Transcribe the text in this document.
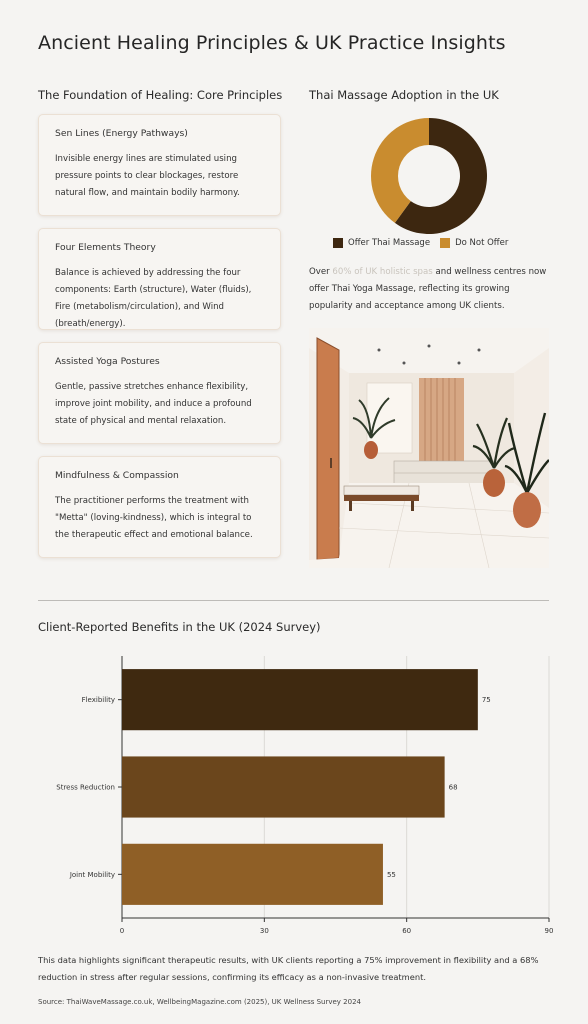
Ancient Healing Principles & UK Practice Insights
The Foundation of Healing: Core Principles
Sen Lines (Energy Pathways)
Invisible energy lines are stimulated using pressure points to clear blockages, restore natural flow, and maintain bodily harmony.
Four Elements Theory
Balance is achieved by addressing the four components: Earth (structure), Water (fluids), Fire (metabolism/circulation), and Wind (breath/energy).
Assisted Yoga Postures
Gentle, passive stretches enhance flexibility, improve joint mobility, and induce a profound state of physical and mental relaxation.
Mindfulness & Compassion
The practitioner performs the treatment with "Metta" (loving-kindness), which is integral to the therapeutic effect and emotional balance.
Thai Massage Adoption in the UK
Offer Thai Massage	Do Not Offer
Over 60% of UK holistic spas and wellness centres now offer Thai Yoga Massage, reflecting its growing popularity and acceptance among UK clients.
Client-Reported Benefits in the UK (2024 Survey)
0	30	60	90
Flexibility	75
Stress Reduction	68
Joint Mobility	55
This data highlights significant therapeutic results, with UK clients reporting a 75% improvement in flexibility and a 68% reduction in stress after regular sessions, confirming its efficacy as a non-invasive treatment.
Source: ThaiWaveMassage.co.uk, WellbeingMagazine.com (2025), UK Wellness Survey 2024
